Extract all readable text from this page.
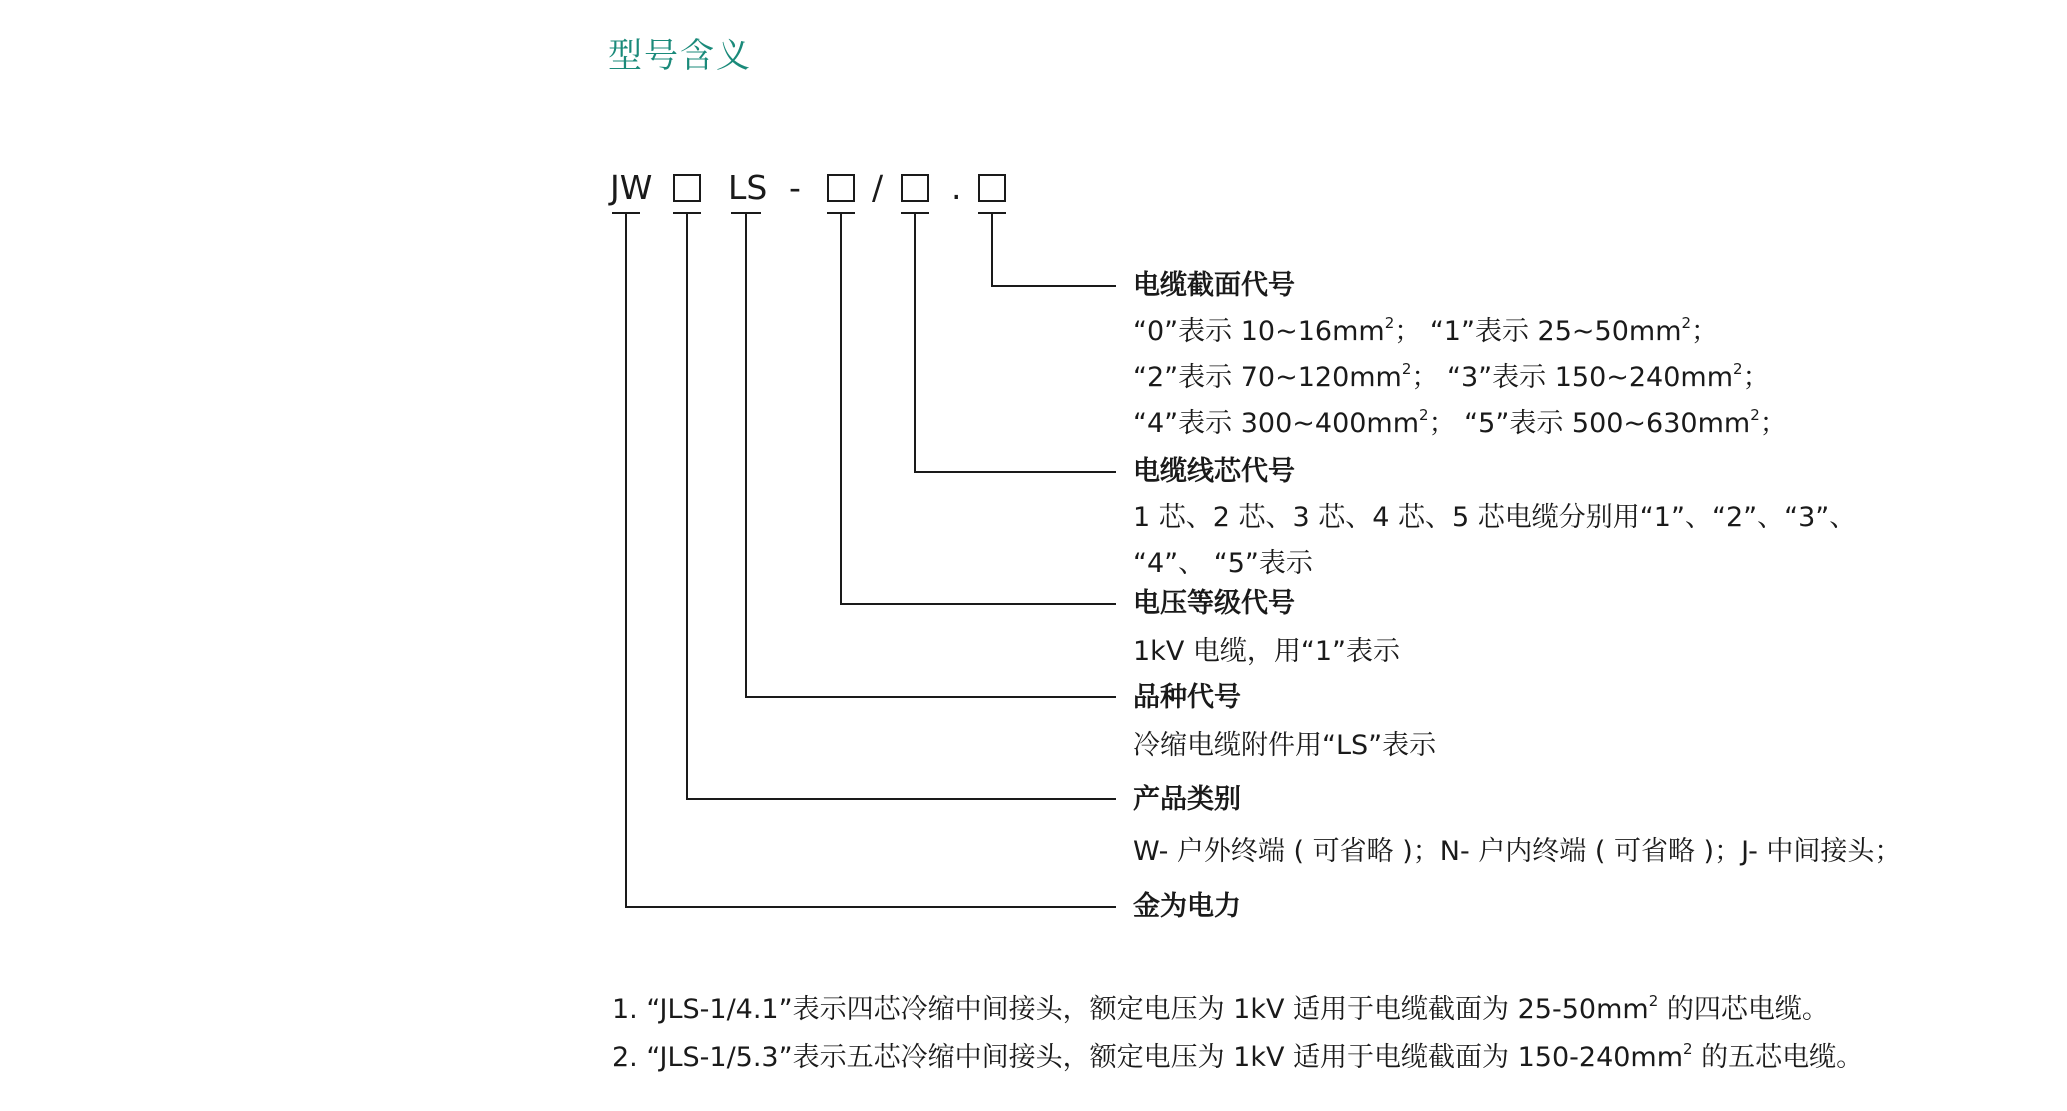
型号含义
JW LS - / .
电缆截面代号
“0”表示 $10\sim 16mm^2$； “1”表示 $25\sim 50mm^2$；
“2”表示 $70\sim 120mm^2$； “3”表示 $150\sim 240mm^2$；
“4”表示 $300\sim 400mm^2$； “5”表示 $500\sim 630mm^2$；
电缆线芯代号
1 芯、2 芯、3 芯、4 芯、5 芯电缆分别用“1”、“2”、“3”、
“4”、 “5”表示
电压等级代号
1kV 电缆，用“1”表示
品种代号
冷缩电缆附件用“LS”表示
产品类别
W- 户外终端 ( 可省略 )；N- 户内终端 ( 可省略 )；J- 中间接头；
金为电力
1. “JLS-1/4.1”表示四芯冷缩中间接头，额定电压为 1kV 适用于电缆截面为 $25-50mm^2$ 的四芯电缆。
2. “JLS-1/5.3”表示五芯冷缩中间接头，额定电压为 1kV 适用于电缆截面为 $150-240mm^2$ 的五芯电缆。
